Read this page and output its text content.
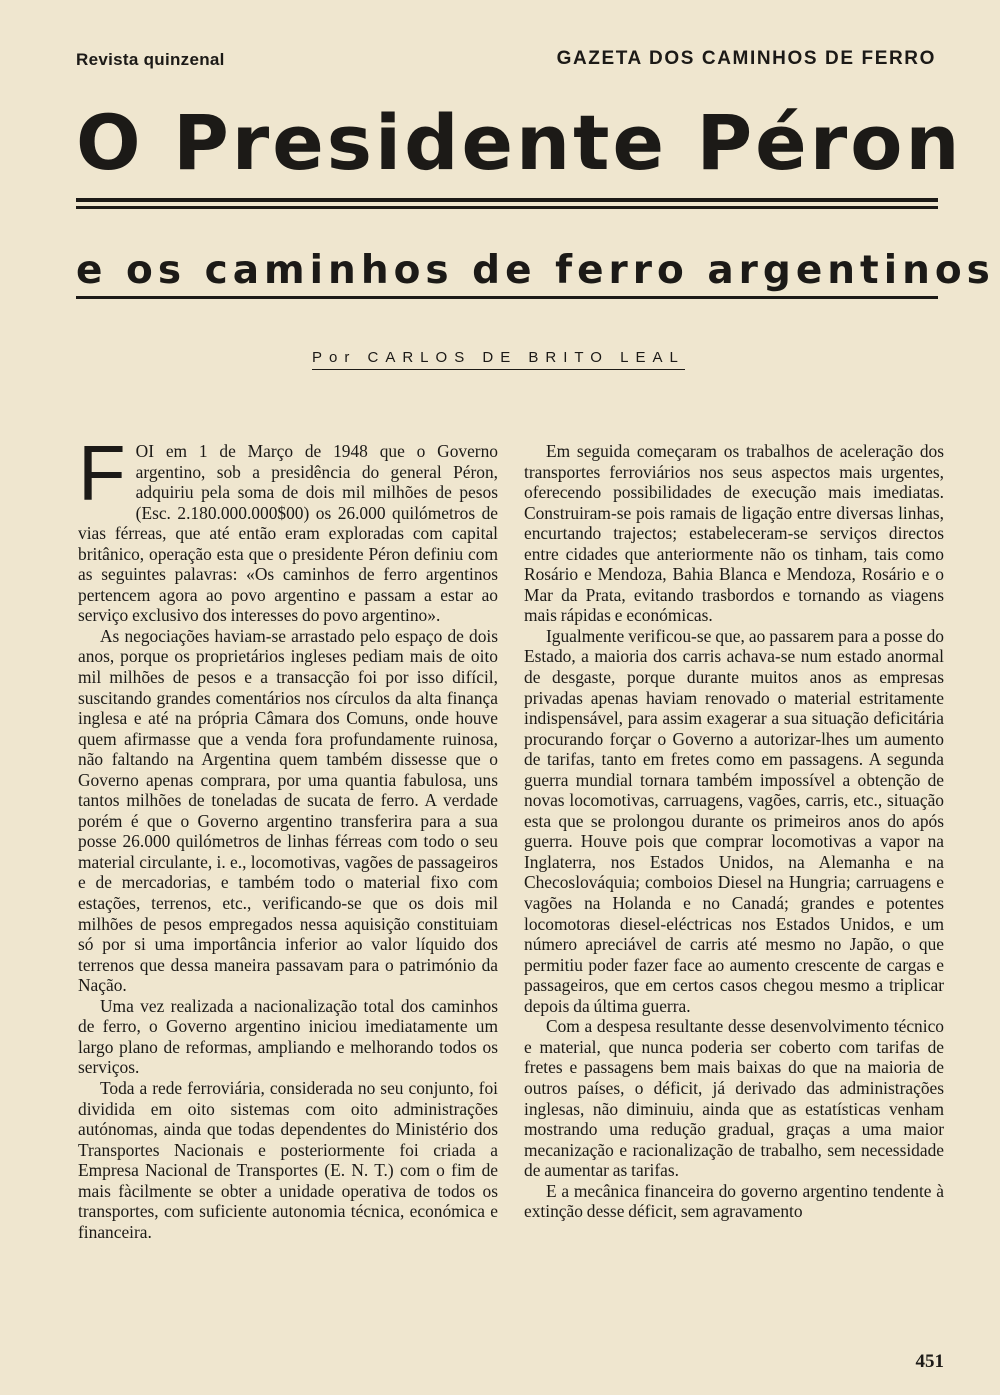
Revista quinzenal	GAZETA DOS CAMINHOS DE FERRO
O Presidente Péron
e os caminhos de ferro argentinos
Por CARLOS DE BRITO LEAL

FOI em 1 de Março de 1948 que o Governo argentino, sob a presidência do general Péron, adquiriu pela soma de dois mil milhões de pesos (Esc. 2.180.000.000$00) os 26.000 quilómetros de vias férreas, que até então eram exploradas com capital britânico, operação esta que o presidente Péron definiu com as seguintes palavras: «Os caminhos de ferro argentinos pertencem agora ao povo argentino e passam a estar ao serviço exclusivo dos interesses do povo argentino».

As negociações haviam-se arrastado pelo espaço de dois anos, porque os proprietários ingleses pediam mais de oito mil milhões de pesos e a transacção foi por isso difícil, suscitando grandes comentários nos círculos da alta finança inglesa e até na própria Câmara dos Comuns, onde houve quem afirmasse que a venda fora profundamente ruinosa, não faltando na Argentina quem também dissesse que o Governo apenas comprara, por uma quantia fabulosa, uns tantos milhões de toneladas de sucata de ferro. A verdade porém é que o Governo argentino transferira para a sua posse 26.000 quilómetros de linhas férreas com todo o seu material circulante, i. e., locomotivas, vagões de passageiros e de mercadorias, e também todo o material fixo com estações, terrenos, etc., verificando-se que os dois mil milhões de pesos empregados nessa aquisição constituiam só por si uma importância inferior ao valor líquido dos terrenos que dessa maneira passavam para o património da Nação.

Uma vez realizada a nacionalização total dos caminhos de ferro, o Governo argentino iniciou imediatamente um largo plano de reformas, ampliando e melhorando todos os serviços.

Toda a rede ferroviária, considerada no seu conjunto, foi dividida em oito sistemas com oito administrações autónomas, ainda que todas dependentes do Ministério dos Transportes Nacionais e posteriormente foi criada a Empresa Nacional de Transportes (E. N. T.) com o fim de mais fàcilmente se obter a unidade operativa de todos os transportes, com suficiente autonomia técnica, económica e financeira.

Em seguida começaram os trabalhos de aceleração dos transportes ferroviários nos seus aspectos mais urgentes, oferecendo possibilidades de execução mais imediatas. Construiram-se pois ramais de ligação entre diversas linhas, encurtando trajectos; estabeleceram-se serviços directos entre cidades que anteriormente não os tinham, tais como Rosário e Mendoza, Bahia Blanca e Mendoza, Rosário e o Mar da Prata, evitando trasbordos e tornando as viagens mais rápidas e económicas.

Igualmente verificou-se que, ao passarem para a posse do Estado, a maioria dos carris achava-se num estado anormal de desgaste, porque durante muitos anos as empresas privadas apenas haviam renovado o material estritamente indispensável, para assim exagerar a sua situação deficitária procurando forçar o Governo a autorizar-lhes um aumento de tarifas, tanto em fretes como em passagens. A segunda guerra mundial tornara também impossível a obtenção de novas locomotivas, carruagens, vagões, carris, etc., situação esta que se prolongou durante os primeiros anos do após guerra. Houve pois que comprar locomotivas a vapor na Inglaterra, nos Estados Unidos, na Alemanha e na Checoslováquia; comboios Diesel na Hungria; carruagens e vagões na Holanda e no Canadá; grandes e potentes locomotoras diesel-eléctricas nos Estados Unidos, e um número apreciável de carris até mesmo no Japão, o que permitiu poder fazer face ao aumento crescente de cargas e passageiros, que em certos casos chegou mesmo a triplicar depois da última guerra.

Com a despesa resultante desse desenvolvimento técnico e material, que nunca poderia ser coberto com tarifas de fretes e passagens bem mais baixas do que na maioria de outros países, o déficit, já derivado das administrações inglesas, não diminuiu, ainda que as estatísticas venham mostrando uma redução gradual, graças a uma maior mecanização e racionalização de trabalho, sem necessidade de aumentar as tarifas.

E a mecânica financeira do governo argentino tendente à extinção desse déficit, sem agravamento

451
